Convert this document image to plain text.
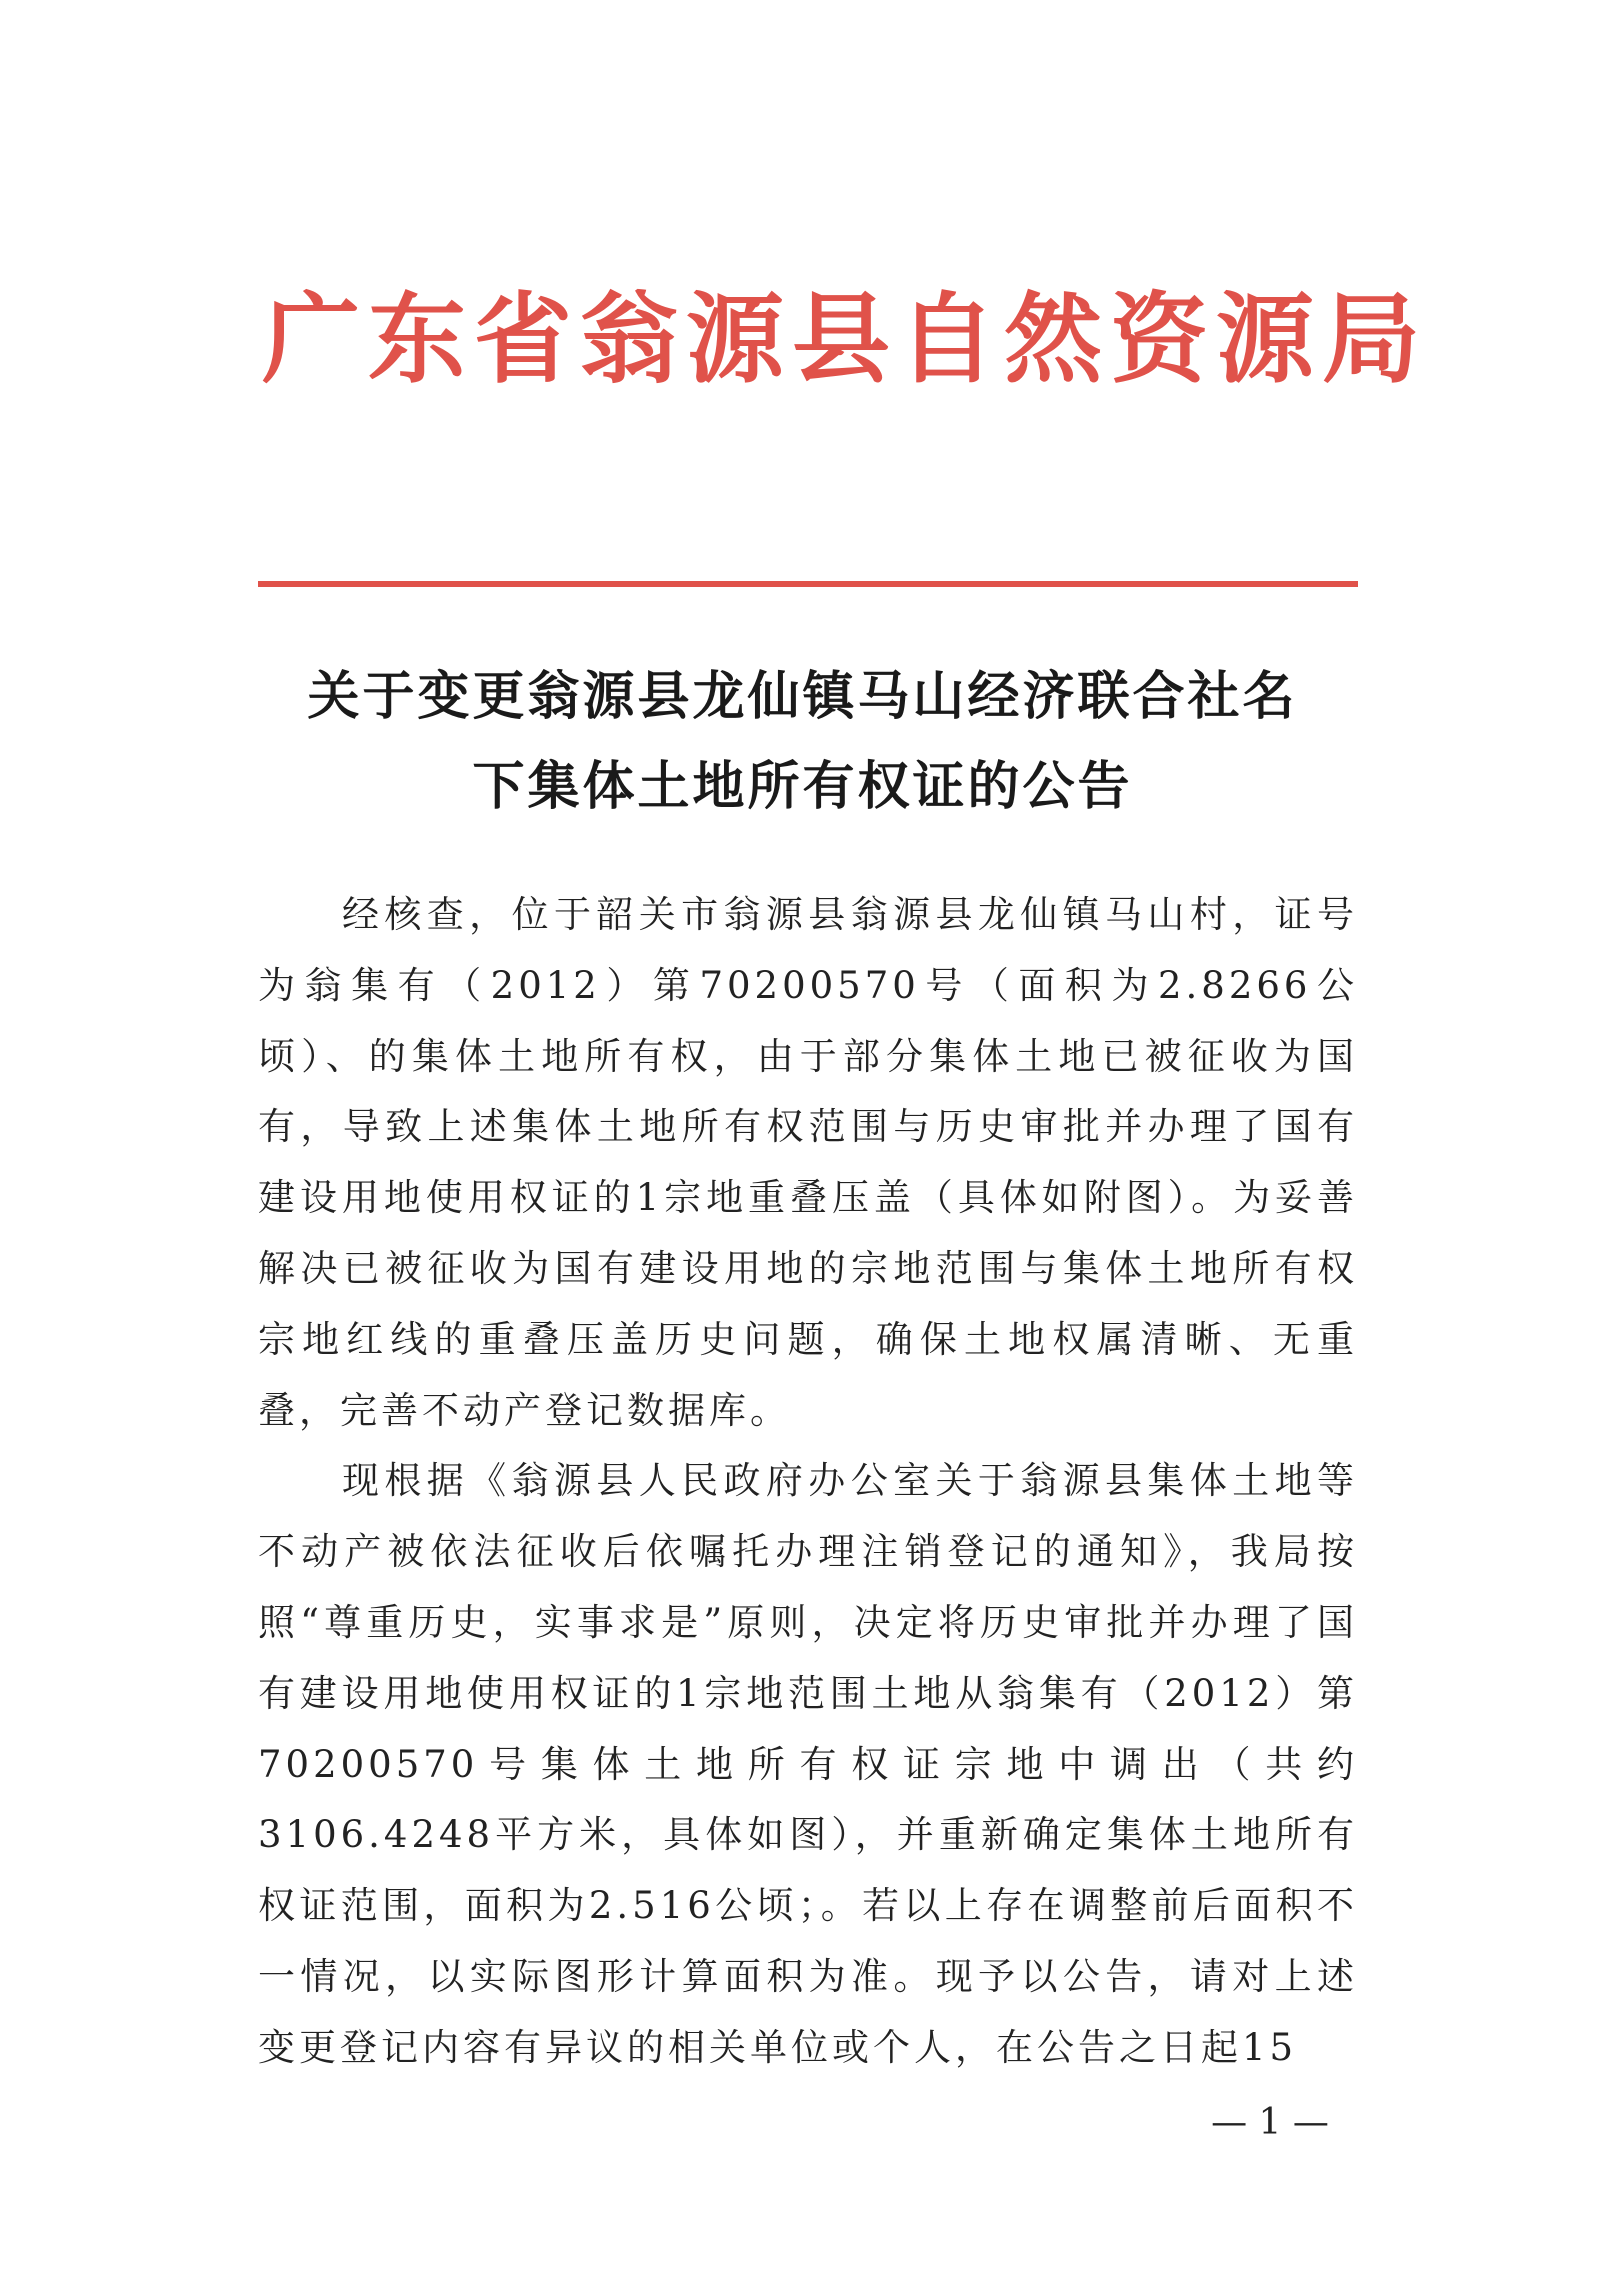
广东省翁源县自然资源局
关于变更翁源县龙仙镇马山经济联合社名
下集体土地所有权证的公告

经核查，位于韶关市翁源县翁源县龙仙镇马山村，证号为翁集有（2012）第70200570号（面积为2.8266公顷）、的集体土地所有权，由于部分集体土地已被征收为国有，导致上述集体土地所有权范围与历史审批并办理了国有建设用地使用权证的1宗地重叠压盖（具体如附图）。为妥善解决已被征收为国有建设用地的宗地范围与集体土地所有权宗地红线的重叠压盖历史问题，确保土地权属清晰、无重叠，完善不动产登记数据库。

现根据《翁源县人民政府办公室关于翁源县集体土地等不动产被依法征收后依嘱托办理注销登记的通知》，我局按照“尊重历史，实事求是”原则，决定将历史审批并办理了国有建设用地使用权证的1宗地范围土地从翁集有（2012）第70200570号集体土地所有权证宗地中调出（共约3106.4248平方米，具体如图），并重新确定集体土地所有权证范围，面积为2.516公顷；。若以上存在调整前后面积不一情况，以实际图形计算面积为准。现予以公告，请对上述变更登记内容有异议的相关单位或个人，在公告之日起15

— 1 —
